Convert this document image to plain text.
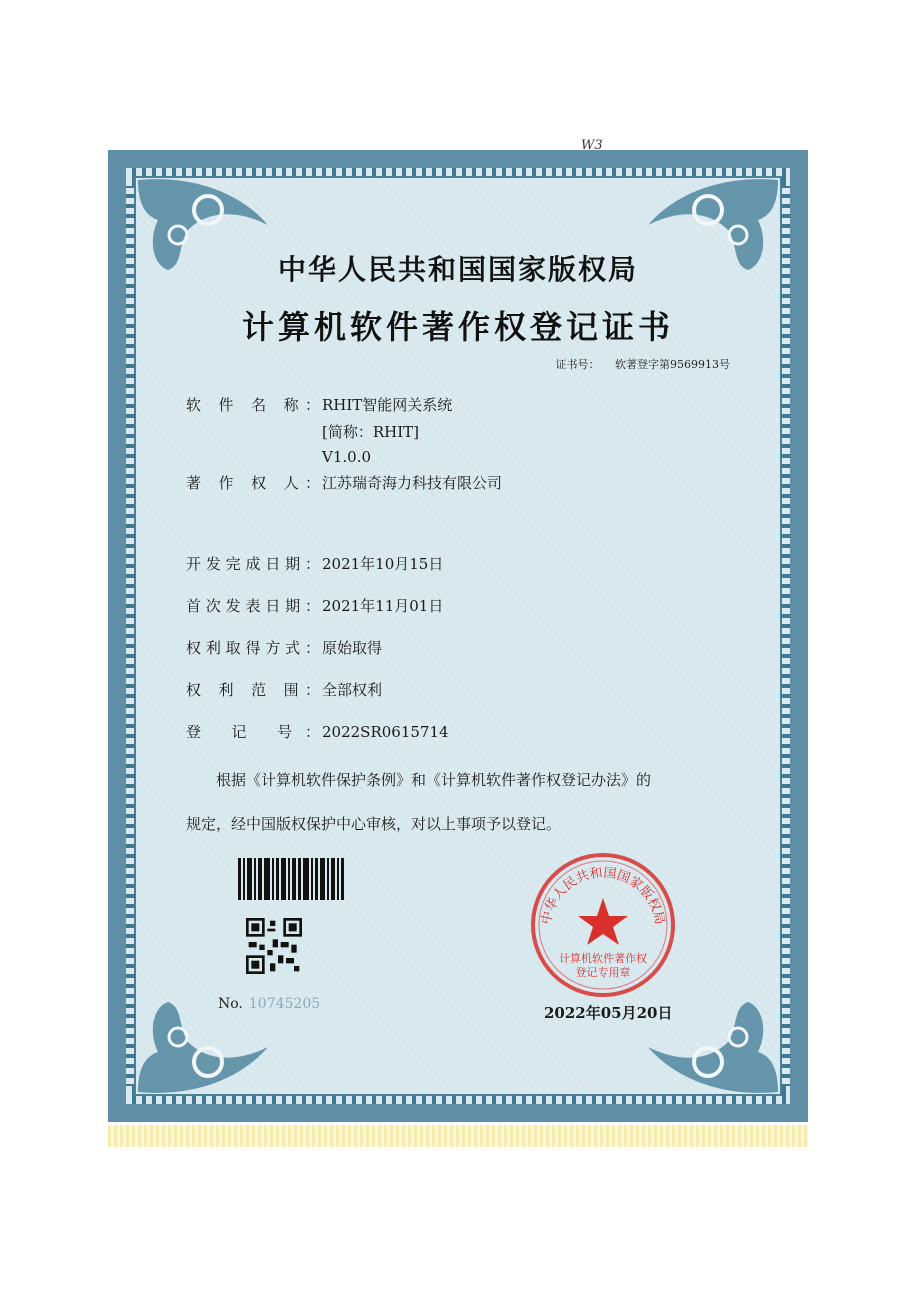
W3
中华人民共和国国家版权局
计算机软件著作权登记证书
证书号： 软著登字第9569913号
软 件 名 称：RHIT智能网关系统
[简称：RHIT]
V1.0.0
著 作 权 人：江苏瑞奇海力科技有限公司
开发完成日期：2021年10月15日
首次发表日期：2021年11月01日
权利取得方式：原始取得
权 利 范 围：全部权利
登 记 号：2022SR0615714
根据《计算机软件保护条例》和《计算机软件著作权登记办法》的
规定，经中国版权保护中心审核，对以上事项予以登记。
No. 10745205
计算机软件著作权
登记专用章
中华人民共和国国家版权局
2022年05月20日
